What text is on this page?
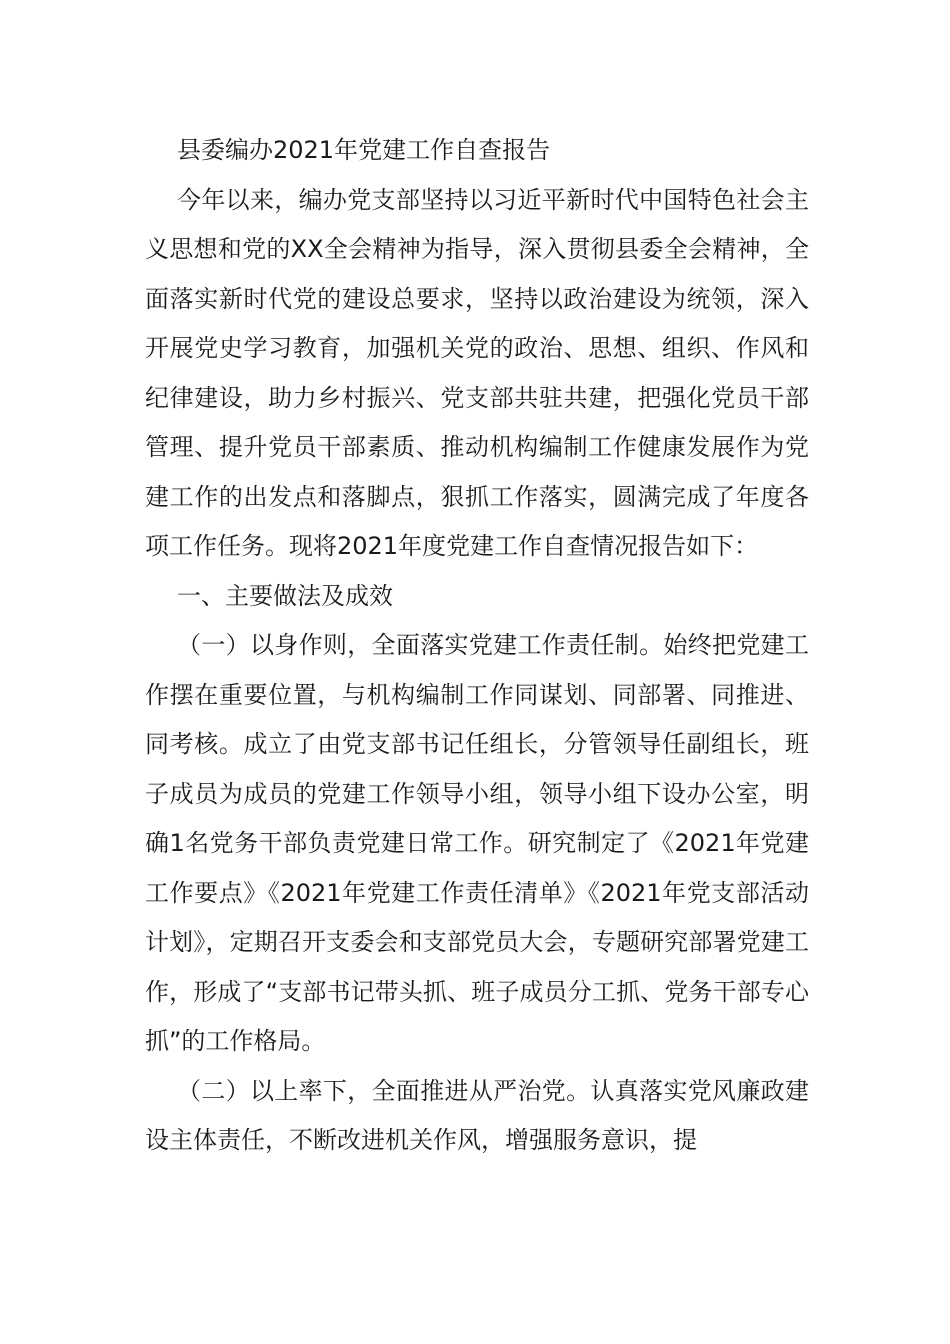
县委编办2021年党建工作自查报告

今年以来，编办党支部坚持以习近平新时代中国特色社会主义思想和党的XX全会精神为指导，深入贯彻县委全会精神，全面落实新时代党的建设总要求，坚持以政治建设为统领，深入开展党史学习教育，加强机关党的政治、思想、组织、作风和纪律建设，助力乡村振兴、党支部共驻共建，把强化党员干部管理、提升党员干部素质、推动机构编制工作健康发展作为党建工作的出发点和落脚点，狠抓工作落实，圆满完成了年度各项工作任务。现将2021年度党建工作自查情况报告如下：

一、主要做法及成效

（一）以身作则，全面落实党建工作责任制。始终把党建工作摆在重要位置，与机构编制工作同谋划、同部署、同推进、同考核。成立了由党支部书记任组长，分管领导任副组长，班子成员为成员的党建工作领导小组，领导小组下设办公室，明确1名党务干部负责党建日常工作。研究制定了《2021年党建工作要点》《2021年党建工作责任清单》《2021年党支部活动计划》，定期召开支委会和支部党员大会，专题研究部署党建工作，形成了“支部书记带头抓、班子成员分工抓、党务干部专心抓”的工作格局。

（二）以上率下，全面推进从严治党。认真落实党风廉政建设主体责任，不断改进机关作风，增强服务意识，提
